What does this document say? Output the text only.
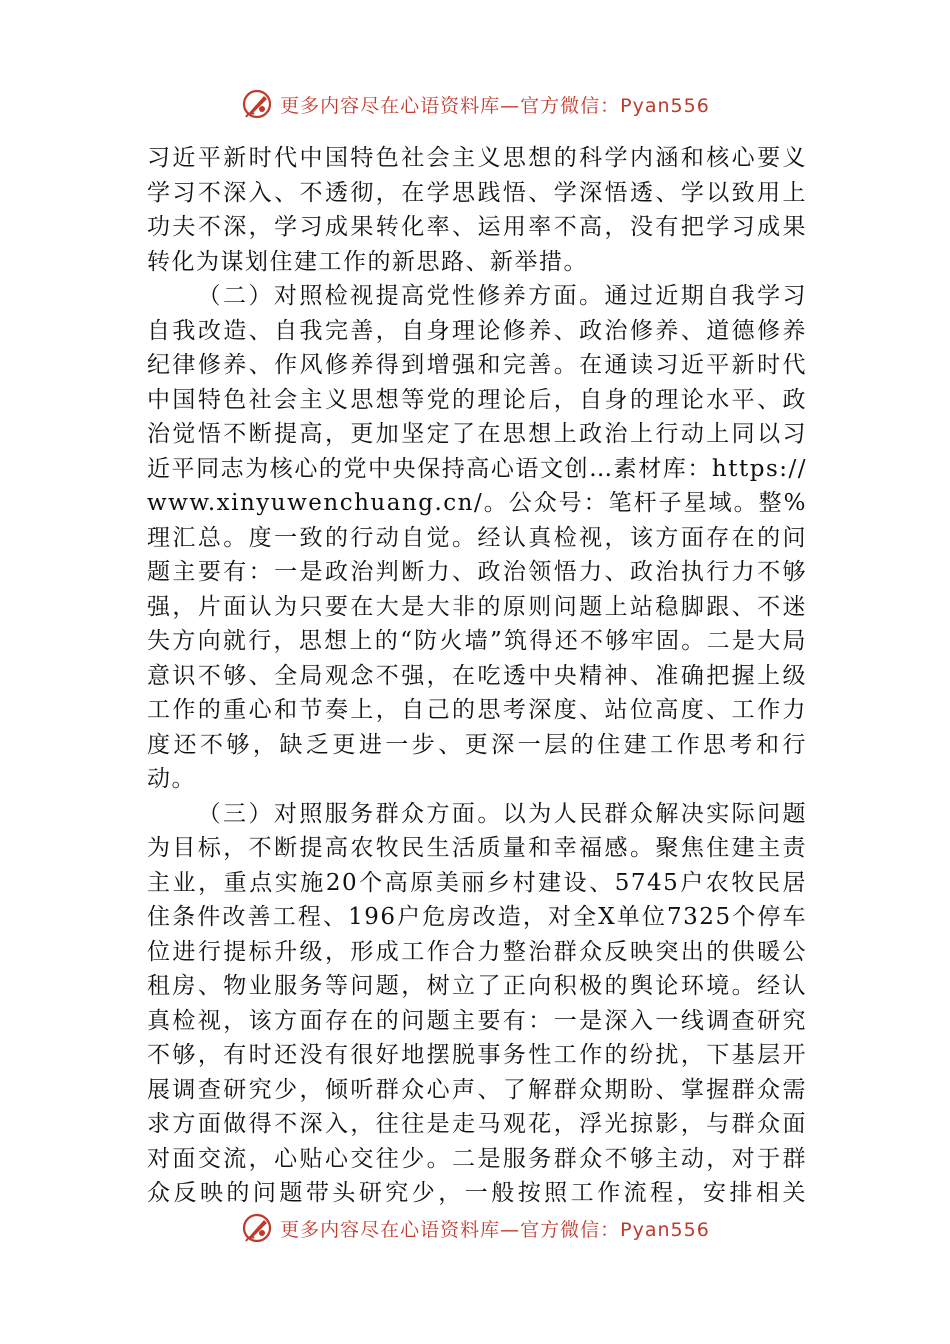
更多内容尽在心语资料库—官方微信：Pyan556

习近平新时代中国特色社会主义思想的科学内涵和核心要义学习不深入、不透彻，在学思践悟、学深悟透、学以致用上功夫不深，学习成果转化率、运用率不高，没有把学习成果转化为谋划住建工作的新思路、新举措。

（二）对照检视提高党性修养方面。通过近期自我学习自我改造、自我完善，自身理论修养、政治修养、道德修养纪律修养、作风修养得到增强和完善。在通读习近平新时代中国特色社会主义思想等党的理论后，自身的理论水平、政治觉悟不断提高，更加坚定了在思想上政治上行动上同以习近平同志为核心的党中央保持高心语文创…素材库：https://www.xinyuwenchuang.cn/。公众号：笔杆子星域。整%理汇总。度一致的行动自觉。经认真检视，该方面存在的问题主要有：一是政治判断力、政治领悟力、政治执行力不够强，片面认为只要在大是大非的原则问题上站稳脚跟、不迷失方向就行，思想上的“防火墙”筑得还不够牢固。二是大局意识不够、全局观念不强，在吃透中央精神、准确把握上级工作的重心和节奏上，自己的思考深度、站位高度、工作力度还不够，缺乏更进一步、更深一层的住建工作思考和行动。

（三）对照服务群众方面。以为人民群众解决实际问题为目标，不断提高农牧民生活质量和幸福感。聚焦住建主责主业，重点实施20个高原美丽乡村建设、5745户农牧民居住条件改善工程、196户危房改造，对全X单位7325个停车位进行提标升级，形成工作合力整治群众反映突出的供暖公租房、物业服务等问题，树立了正向积极的舆论环境。经认真检视，该方面存在的问题主要有：一是深入一线调查研究不够，有时还没有很好地摆脱事务性工作的纷扰，下基层开展调查研究少，倾听群众心声、了解群众期盼、掌握群众需求方面做得不深入，往往是走马观花，浮光掠影，与群众面对面交流，心贴心交往少。二是服务群众不够主动，对于群众反映的问题带头研究少，一般按照工作流程，安排相关

更多内容尽在心语资料库—官方微信：Pyan556
